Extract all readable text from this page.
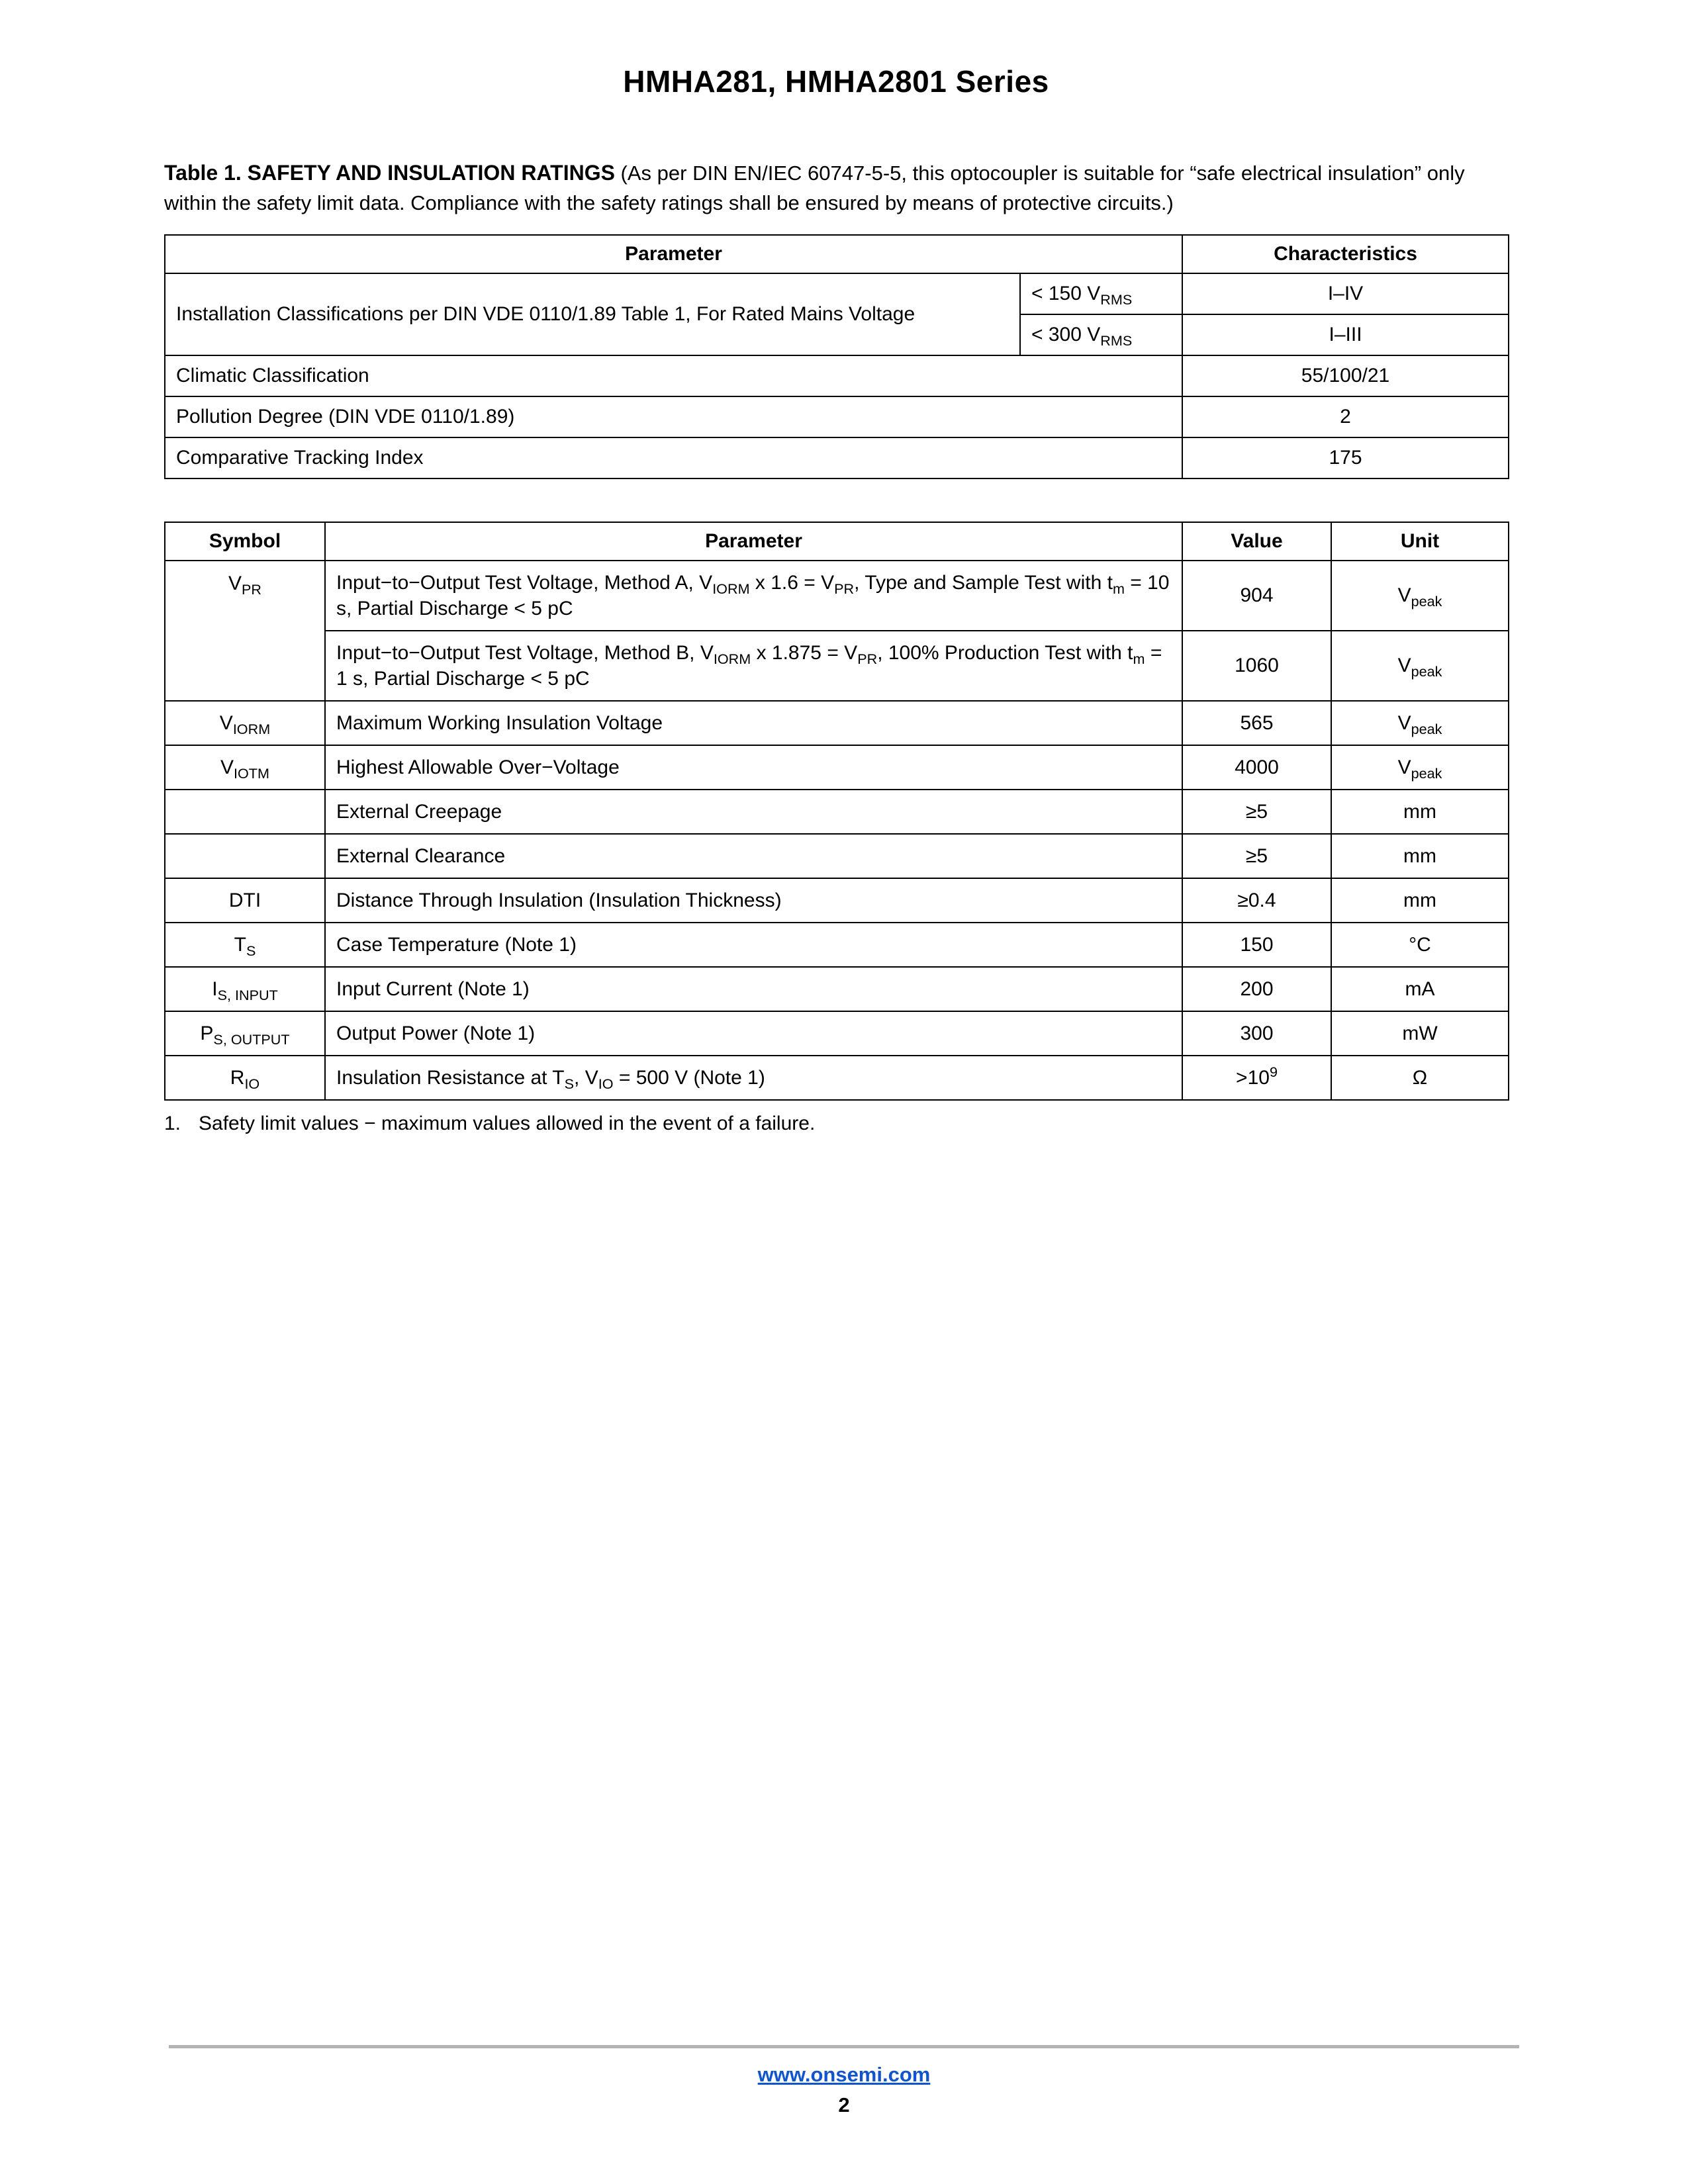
HMHA281, HMHA2801 Series

Table 1. SAFETY AND INSULATION RATINGS (As per DIN EN/IEC 60747-5-5, this optocoupler is suitable for “safe electrical insulation” only within the safety limit data. Compliance with the safety ratings shall be ensured by means of protective circuits.)

Parameter		Characteristics
Installation Classifications per DIN VDE 0110/1.89 Table 1, For Rated Mains Voltage	< 150 $V_{RMS}$	I–IV
	< 300 $V_{RMS}$	I–III
Climatic Classification		55/100/21
Pollution Degree (DIN VDE 0110/1.89)		2
Comparative Tracking Index		175
Symbol	Parameter	Value	Unit
$V_{PR}$	Input−to−Output Test Voltage, Method A, $V_{IORM}$ x $1.6 = V_{PR}$, Type and Sample Test with $t_m = 10$ s, Partial Discharge < 5 pC	904	$V_{peak}$
	Input−to−Output Test Voltage, Method B, $V_{IORM}$ x $1.875 = V_{PR}$, 100% Production Test with $t_m = 1$ s, Partial Discharge < 5 pC	1060	$V_{peak}$
$V_{IORM}$	Maximum Working Insulation Voltage	565	$V_{peak}$
$V_{IOTM}$	Highest Allowable Over−Voltage	4000	$V_{peak}$
	External Creepage	≥5	mm
	External Clearance	≥5	mm
DTI	Distance Through Insulation (Insulation Thickness)	≥0.4	mm
$T_S$	Case Temperature (Note 1)	150	°C
$I_{S, INPUT}$	Input Current (Note 1)	200	mA
$P_{S, OUTPUT}$	Output Power (Note 1)	300	mW
$R_{IO}$	Insulation Resistance at $T_S$, $V_{IO} = 500$ V (Note 1)	$>10^9$	Ω
1. Safety limit values − maximum values allowed in the event of a failure.
www.onsemi.com
2
